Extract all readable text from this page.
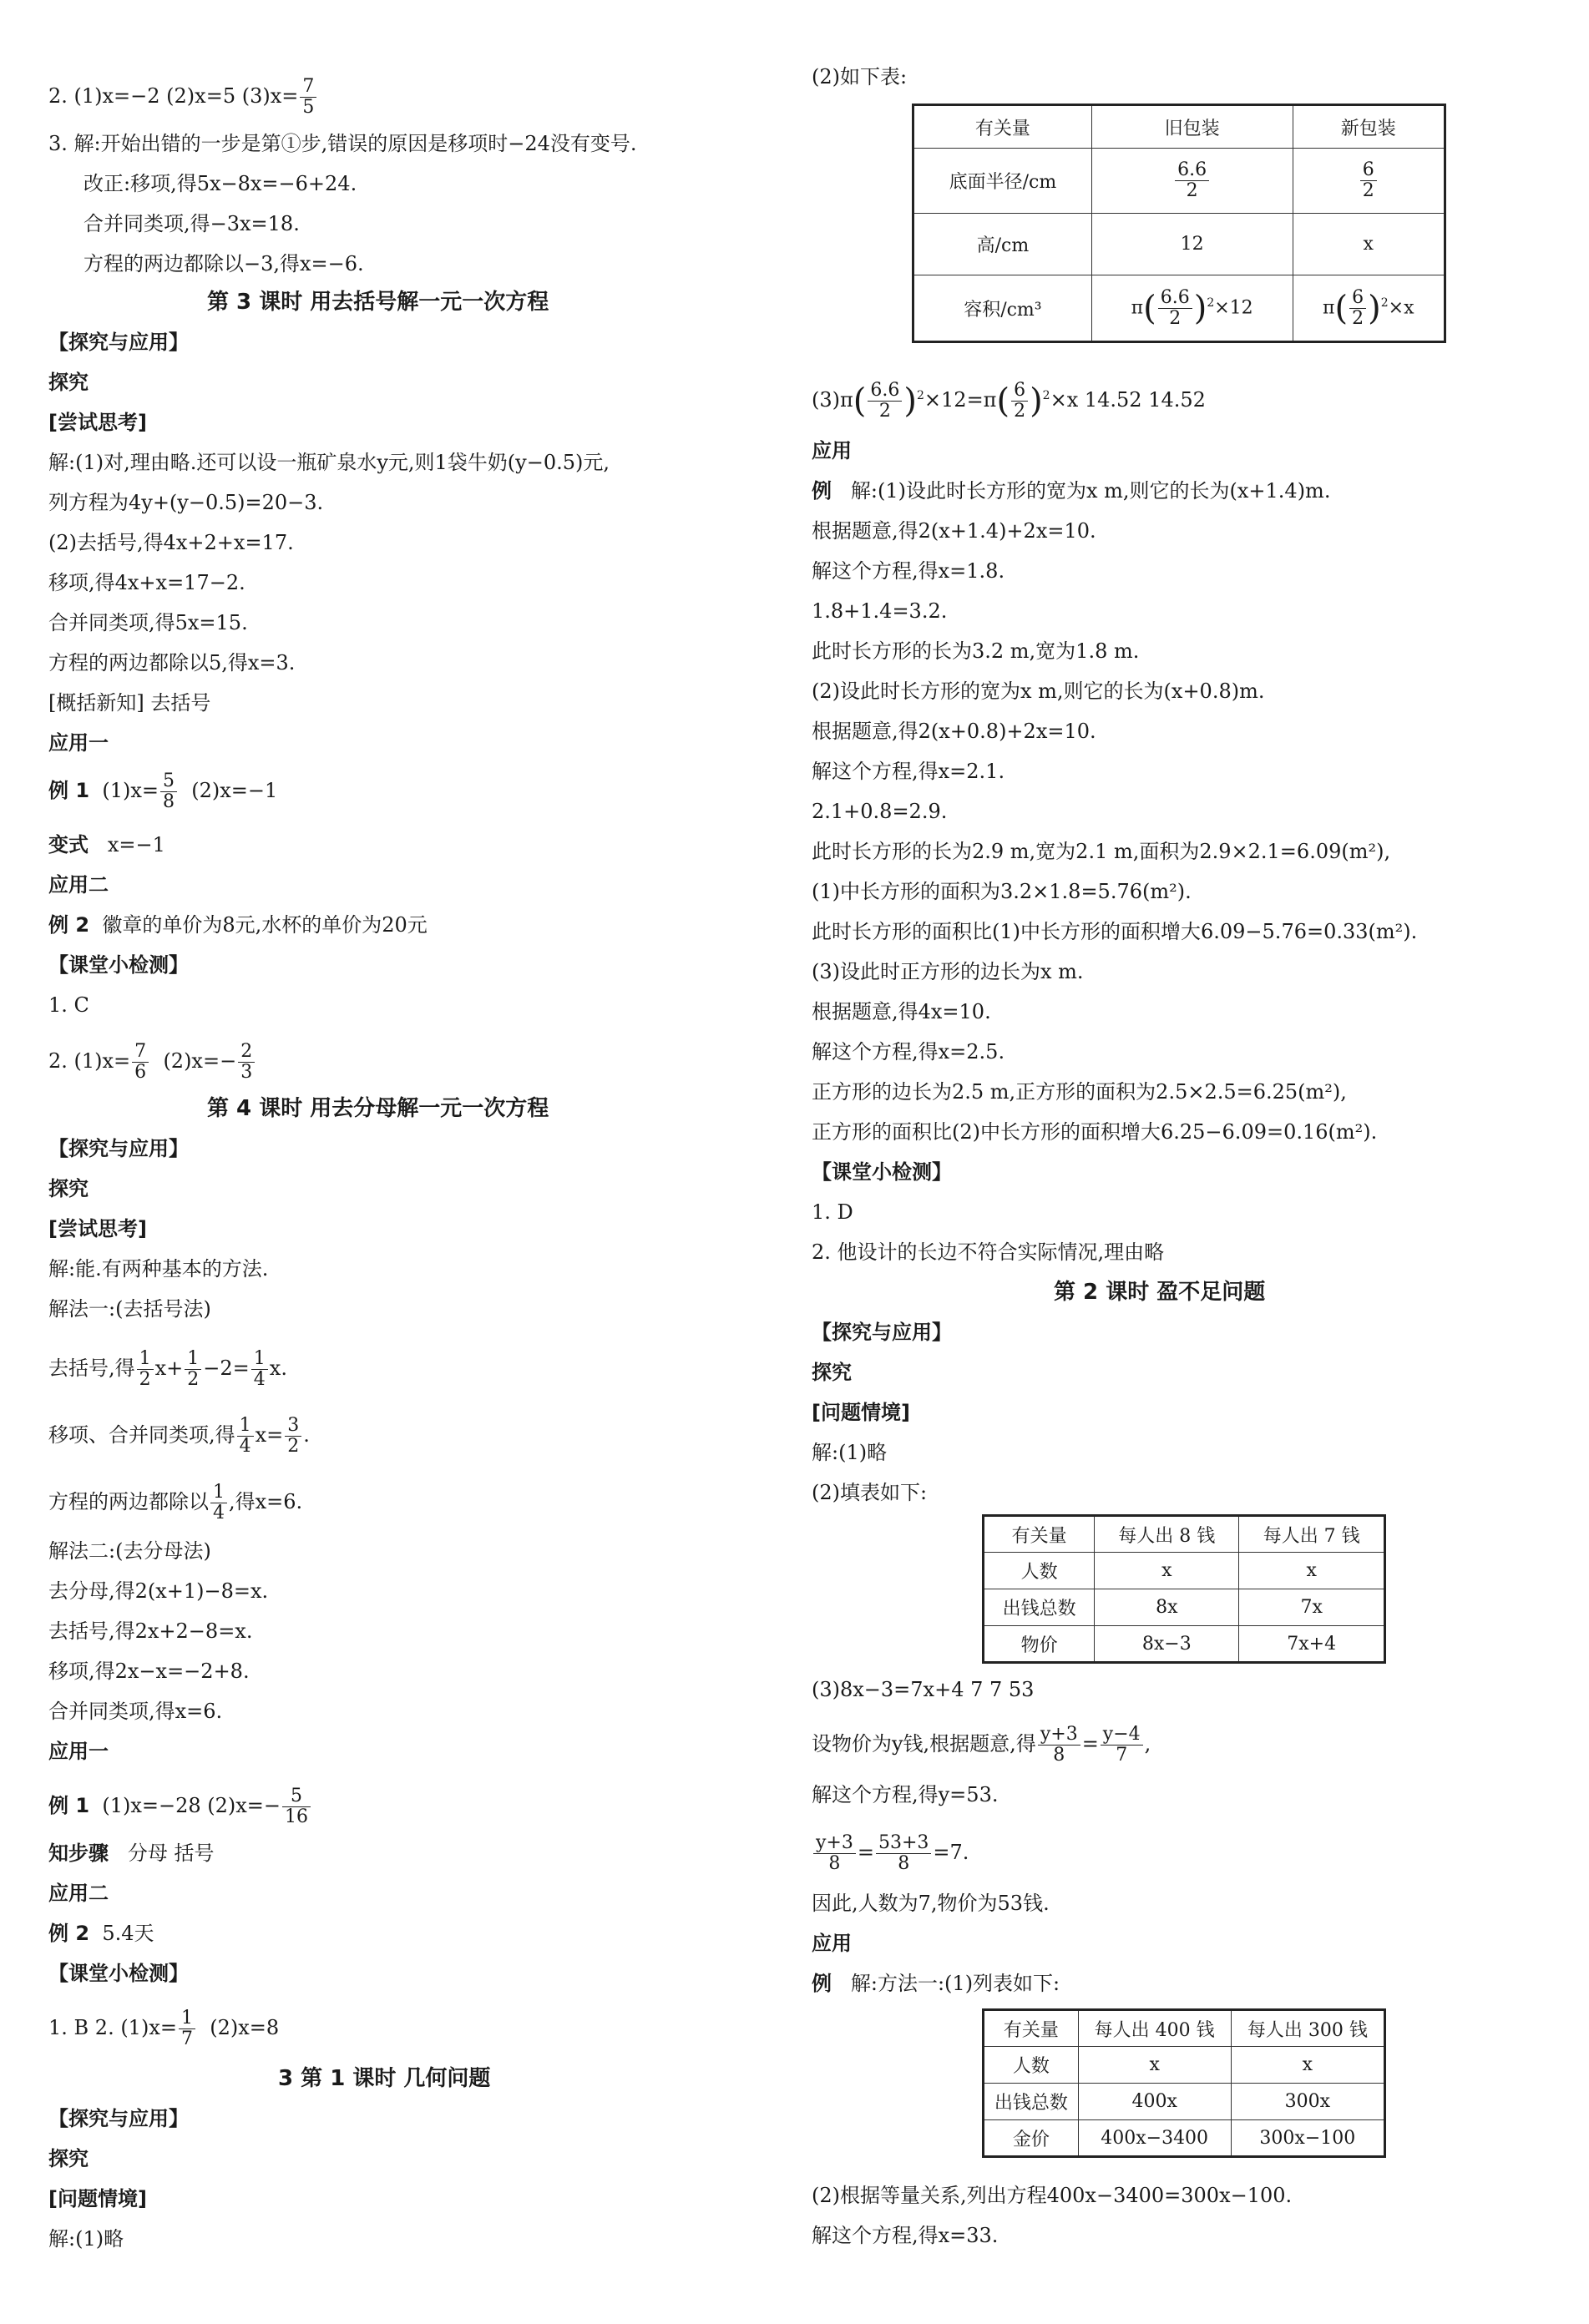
2. (1)x=−2 (2)x=5 $(3)x= \frac{7}{5}$
3. 解:开始出错的一步是第①步,错误的原因是移项时−24没有变号.
改正:移项,得5x−8x=−6+24.
合并同类项,得−3x=18.
方程的两边都除以−3,得x=−6.
第 3 课时 用去括号解一元一次方程
【探究与应用】
探究
[尝试思考]
解:(1)对,理由略.还可以设一瓶矿泉水y元,则1袋牛奶(y−0.5)元,
列方程为4y+(y−0.5)=20−3.
(2)去括号,得4x+2+x=17.
移项,得4x+x=17−2.
合并同类项,得5x=15.
方程的两边都除以5,得x=3.
[概括新知] 去括号
应用一
例 1 $(1)x= \frac{5}{8} (2)x=-1$
变式 x=−1
应用二
例 2 徽章的单价为8元,水杯的单价为20元
【课堂小检测】
1. C
2. $(1)x= \frac{7}{6} (2)x=- \frac{2}{3}$
第 4 课时 用去分母解一元一次方程
【探究与应用】
探究
[尝试思考]
解:能.有两种基本的方法.
解法一:(去括号法)
去括号,得 $\frac{1}{2} x+ \frac{1}{2} -2= \frac{1}{4} x$.
移项、合并同类项,得 $\frac{1}{4} x= \frac{3}{2}$ .
方程的两边都除以 $\frac{1}{4}$ ,得x=6.
解法二:(去分母法)
去分母,得2(x+1)−8=x.
去括号,得2x+2−8=x.
移项,得2x−x=−2+8.
合并同类项,得x=6.
应用一
例 1 (1)x=−28 $(2)x=- \frac{5}{16}$
知步骤 分母 括号
应用二
例 2 5.4天
【课堂小检测】
1. B 2. $(1)x= \frac{1}{7} (2)x=8$
3 第 1 课时 几何问题
【探究与应用】
探究
[问题情境]
解:(1)略
(2)如下表:
有关量	旧包装	新包装
底面半径/cm	$\frac{6.6}{2}$	$\frac{6}{2}$

高/cm	12	x
容积/cm³	$\pi( \frac{6.6}{2} )^2\times 12$	$\pi( \frac{6}{2} )^2\times x$
$(3)\pi( \frac{6.6}{2} )^2\times 12=\pi( \frac{6}{2} )^2\times x$ 14.52 14.52
应用
例 解:(1)设此时长方形的宽为x m,则它的长为(x+1.4)m.
根据题意,得2(x+1.4)+2x=10.
解这个方程,得x=1.8.
1.8+1.4=3.2.
此时长方形的长为3.2 m,宽为1.8 m.
(2)设此时长方形的宽为x m,则它的长为(x+0.8)m.
根据题意,得2(x+0.8)+2x=10.
解这个方程,得x=2.1.
2.1+0.8=2.9.
此时长方形的长为2.9 m,宽为2.1 m,面积为2.9×2.1=6.09(m²),
(1)中长方形的面积为3.2×1.8=5.76(m²).
此时长方形的面积比(1)中长方形的面积增大6.09−5.76=0.33(m²).
(3)设此时正方形的边长为x m.
根据题意,得4x=10.
解这个方程,得x=2.5.
正方形的边长为2.5 m,正方形的面积为2.5×2.5=6.25(m²),
正方形的面积比(2)中长方形的面积增大6.25−6.09=0.16(m²).
【课堂小检测】
1. D
2. 他设计的长边不符合实际情况,理由略
第 2 课时 盈不足问题
【探究与应用】
探究
[问题情境]
解:(1)略
(2)填表如下:
有关量	每人出 8 钱	每人出 7 钱
人数	x	x
出钱总数	8x	7x
物价	8x−3	7x+4
(3)8x−3=7x+4 7 7 53
设物价为y钱,根据题意,得 $\frac{y+3}{8} = \frac{y-4}{7}$ ,
解这个方程,得y=53.
$\frac{y+3}{8} = \frac{53+3}{8} =7$.
因此,人数为7,物价为53钱.
应用
例 解:方法一:(1)列表如下:
有关量	每人出 400 钱	每人出 300 钱
人数	x	x
出钱总数	400x	300x
金价	400x−3400	300x−100
(2)根据等量关系,列出方程400x−3400=300x−100.
解这个方程,得x=33.
